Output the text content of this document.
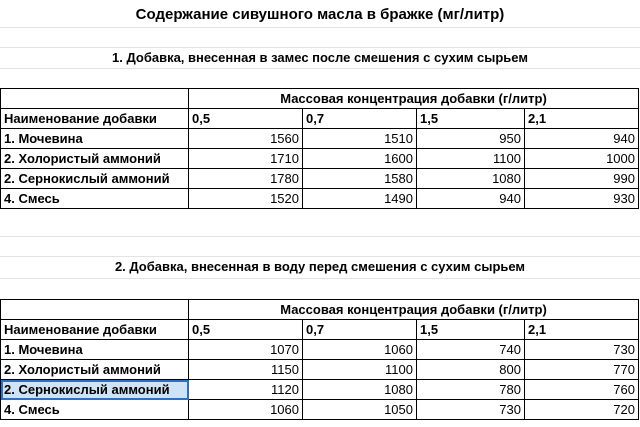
Содержание сивушного масла в бражке (мг/литр)
1. Добавка, внесенная в замес после смешения с сухим сырьем
	Массовая концентрация добавки (г/литр)			
Наименование добавки	0,5	0,7	1,5	2,1
1. Мочевина	1560	1510	950	940
2. Холористый аммоний	1710	1600	1100	1000
2. Сернокислый аммоний	1780	1580	1080	990
4. Смесь	1520	1490	940	930
2. Добавка, внесенная в воду перед смешения с сухим сырьем
	Массовая концентрация добавки (г/литр)			
Наименование добавки	0,5	0,7	1,5	2,1
1. Мочевина	1070	1060	740	730
2. Холористый аммоний	1150	1100	800	770
2. Сернокислый аммоний	1120	1080	780	760
4. Смесь	1060	1050	730	720
